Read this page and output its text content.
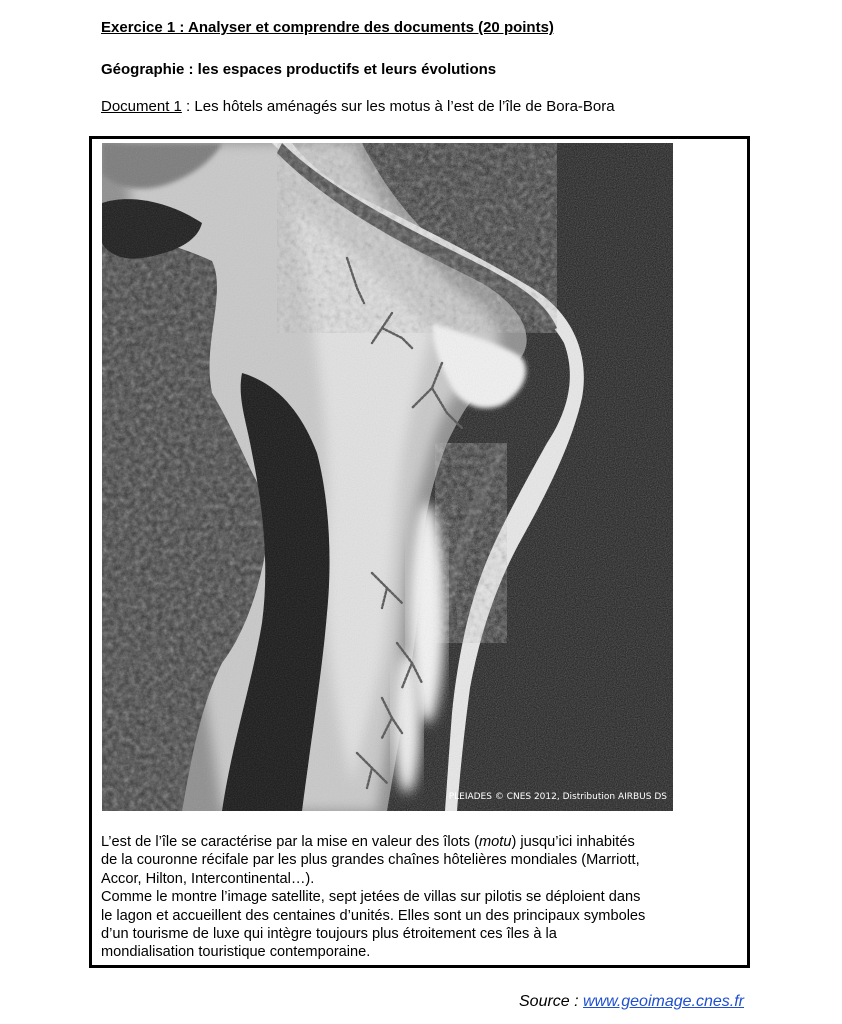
Exercice 1 : Analyser et comprendre des documents (20 points)
Géographie : les espaces productifs et leurs évolutions
Document 1 : Les hôtels aménagés sur les motus à l’est de l’île de Bora-Bora
PLEIADES © CNES 2012, Distribution AIRBUS DS
L’est de l’île se caractérise par la mise en valeur des îlots (motu) jusqu’ici inhabités
de la couronne récifale par les plus grandes chaînes hôtelières mondiales (Marriott,
Accor, Hilton, Intercontinental…).
Comme le montre l’image satellite, sept jetées de villas sur pilotis se déploient dans
le lagon et accueillent des centaines d’unités. Elles sont un des principaux symboles
d’un tourisme de luxe qui intègre toujours plus étroitement ces îles à la
mondialisation touristique contemporaine.
Source : www.geoimage.cnes.fr
